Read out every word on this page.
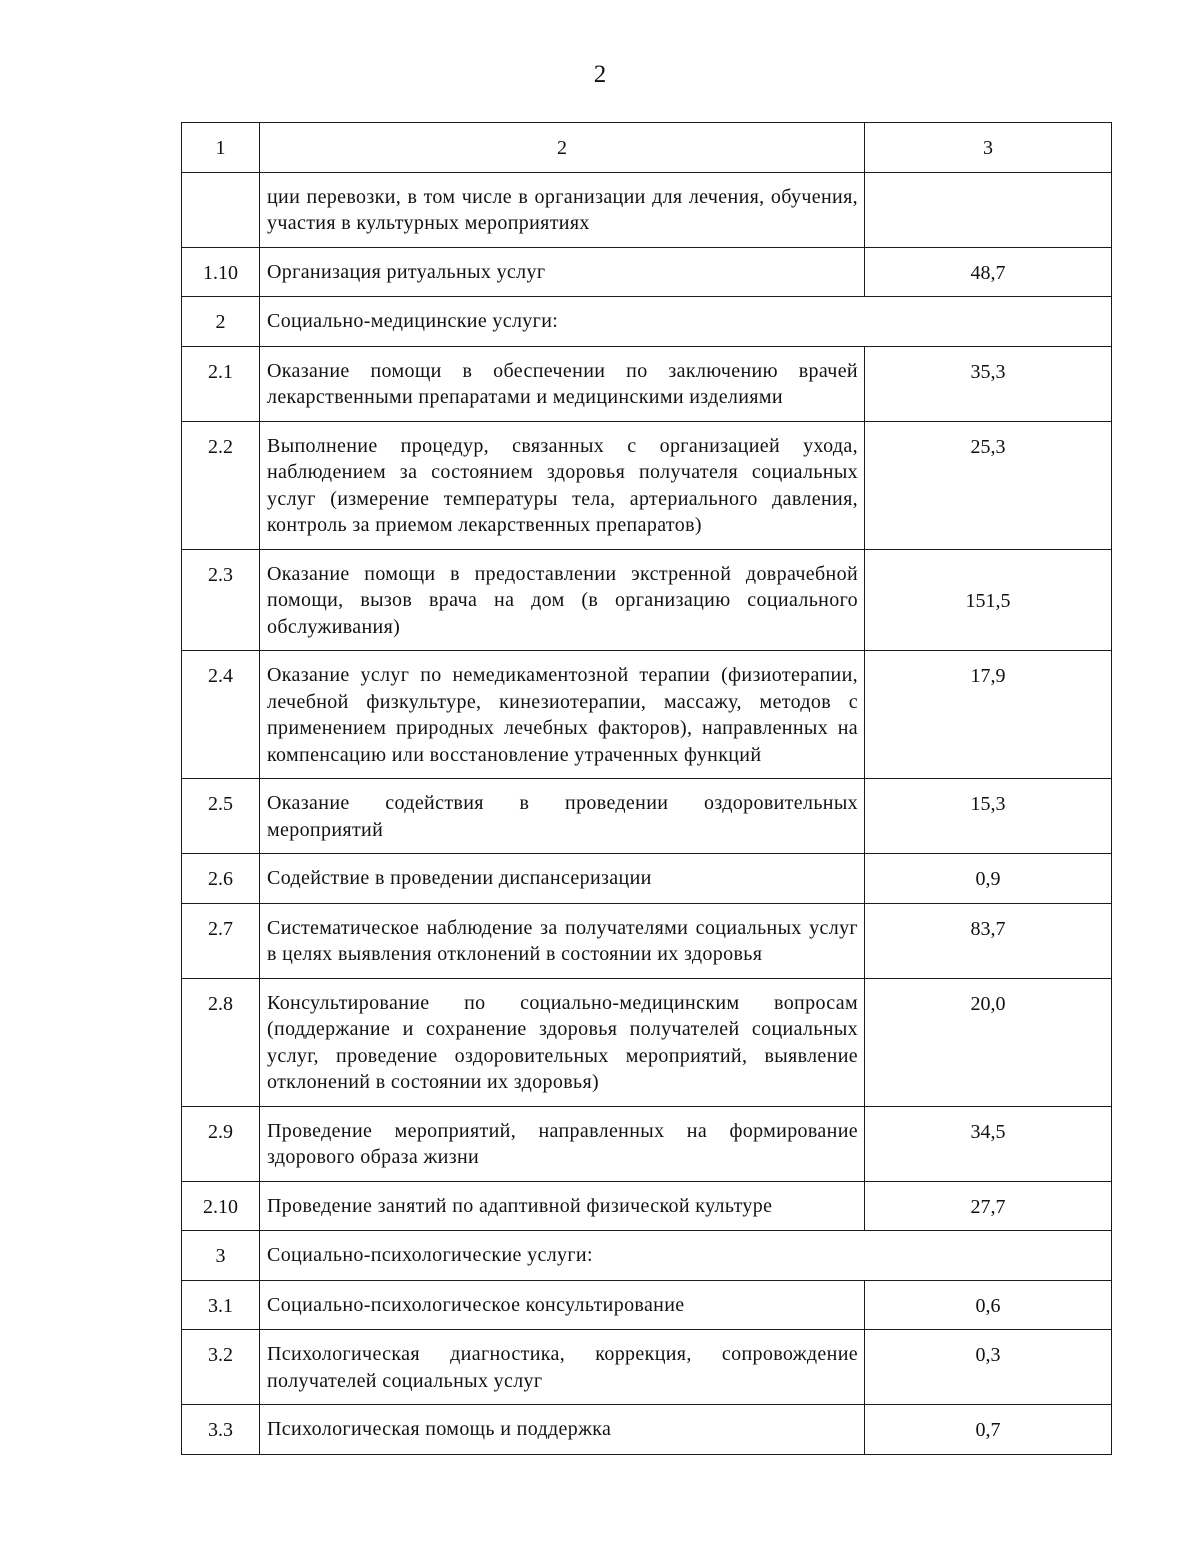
2
1	2	3
	ции перевозки, в том числе в организации для лечения, обучения, участия в культурных мероприятиях	
1.10	Организация ритуальных услуг	48,7
2	Социально-медицинские услуги:	
2.1	Оказание помощи в обеспечении по заключению врачей лекарственными препаратами и медицинскими изделиями	35,3
2.2	Выполнение процедур, связанных с организацией ухода, наблюдением за состоянием здоровья получателя социальных услуг (измерение температуры тела, артериального давления, контроль за приемом лекарственных препаратов)	25,3
2.3	Оказание помощи в предоставлении экстренной доврачебной помощи, вызов врача на дом (в организацию социального обслуживания)	151,5
2.4	Оказание услуг по немедикаментозной терапии (физиотерапии, лечебной физкультуре, кинезиотерапии, массажу, методов с применением природных лечебных факторов), направленных на компенсацию или восстановление утраченных функций	17,9
2.5	Оказание содействия в проведении оздоровительных мероприятий	15,3
2.6	Содействие в проведении диспансеризации	0,9
2.7	Систематическое наблюдение за получателями социальных услуг в целях выявления отклонений в состоянии их здоровья	83,7
2.8	Консультирование по социально-медицинским вопросам (поддержание и сохранение здоровья получателей социальных услуг, проведение оздоровительных мероприятий, выявление отклонений в состоянии их здоровья)	20,0
2.9	Проведение мероприятий, направленных на формирование здорового образа жизни	34,5
2.10	Проведение занятий по адаптивной физической культуре	27,7
3	Социально-психологические услуги:	
3.1	Социально-психологическое консультирование	0,6
3.2	Психологическая диагностика, коррекция, сопровождение получателей социальных услуг	0,3
3.3	Психологическая помощь и поддержка	0,7
